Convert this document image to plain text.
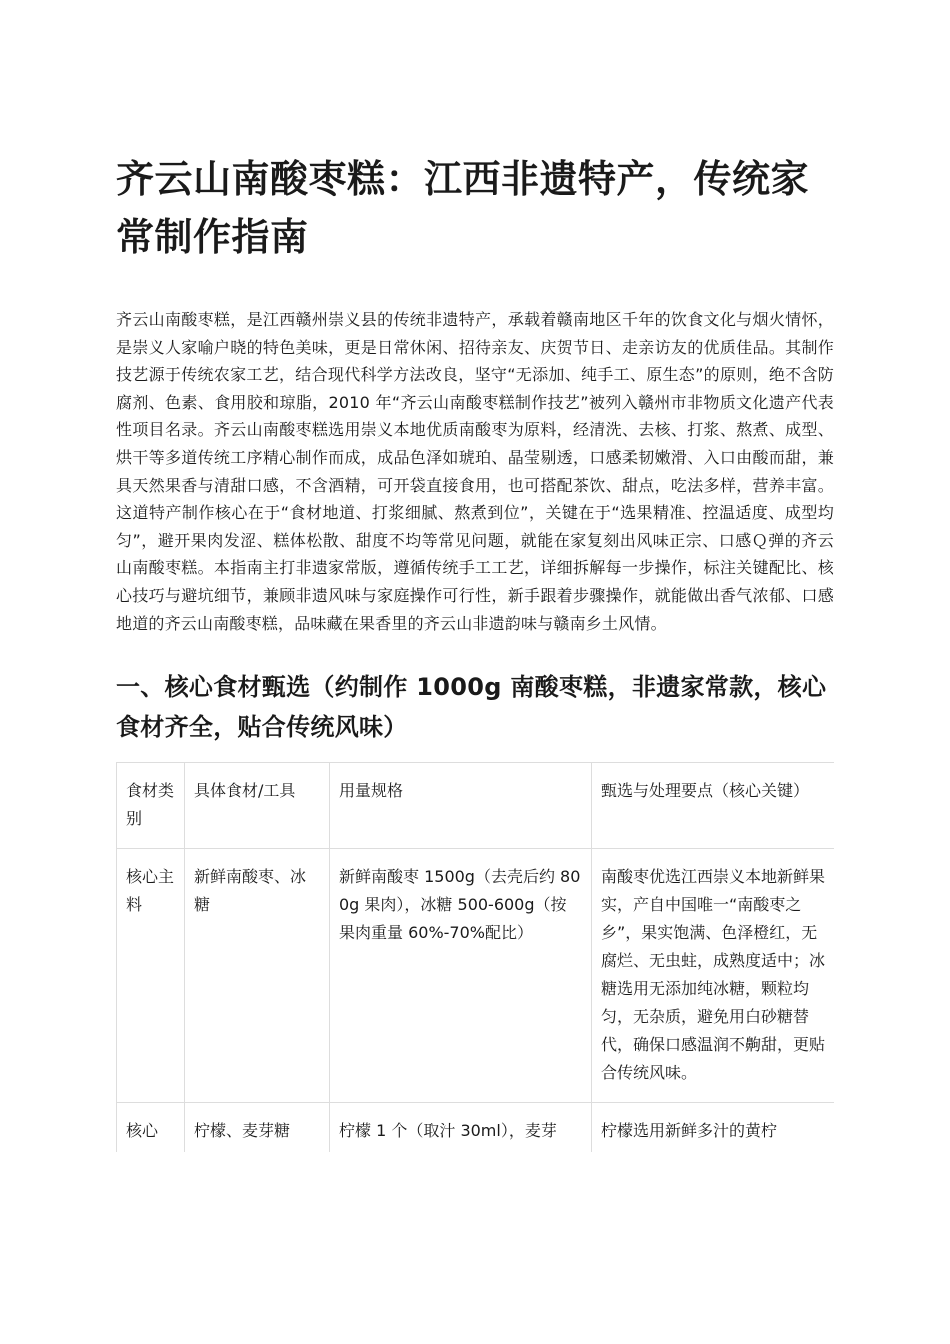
齐云山南酸枣糕：江西非遗特产，传统家常制作指南

齐云山南酸枣糕，是江西赣州崇义县的传统非遗特产，承载着赣南地区千年的饮食文化与烟火情怀，是崇义人家喻户晓的特色美味，更是日常休闲、招待亲友、庆贺节日、走亲访友的优质佳品。其制作技艺源于传统农家工艺，结合现代科学方法改良，坚守“无添加、纯手工、原生态”的原则，绝不含防腐剂、色素、食用胶和琼脂，2010 年“齐云山南酸枣糕制作技艺”被列入赣州市非物质文化遗产代表性项目名录。齐云山南酸枣糕选用崇义本地优质南酸枣为原料，经清洗、去核、打浆、熬煮、成型、烘干等多道传统工序精心制作而成，成品色泽如琥珀、晶莹剔透，口感柔韧嫩滑、入口由酸而甜，兼具天然果香与清甜口感，不含酒精，可开袋直接食用，也可搭配茶饮、甜点，吃法多样，营养丰富。这道特产制作核心在于“食材地道、打浆细腻、熬煮到位”，关键在于“选果精准、控温适度、成型均匀”，避开果肉发涩、糕体松散、甜度不均等常见问题，就能在家复刻出风味正宗、口感Ｑ弹的齐云山南酸枣糕。本指南主打非遗家常版，遵循传统手工工艺，详细拆解每一步操作，标注关键配比、核心技巧与避坑细节，兼顾非遗风味与家庭操作可行性，新手跟着步骤操作，就能做出香气浓郁、口感地道的齐云山南酸枣糕，品味藏在果香里的齐云山非遗韵味与赣南乡土风情。

一、核心食材甄选（约制作 1000g 南酸枣糕，非遗家常款，核心食材齐全，贴合传统风味）
食材类别	具体食材/工具	用量规格	甄选与处理要点（核心关键）
核心主料	新鲜南酸枣、冰糖	新鲜南酸枣 1500g（去壳后约 800g 果肉），冰糖 500-600g（按果肉重量 60%-70%配比）	南酸枣优选江西崇义本地新鲜果实，产自中国唯一“南酸枣之乡”，果实饱满、色泽橙红，无腐烂、无虫蛀，成熟度适中；冰糖选用无添加纯冰糖，颗粒均匀，无杂质，避免用白砂糖替代，确保口感温润不齁甜，更贴合传统风味。
核心	柠檬、麦芽糖	柠檬 1 个（取汁 30ml），麦芽	柠檬选用新鲜多汁的黄柠
